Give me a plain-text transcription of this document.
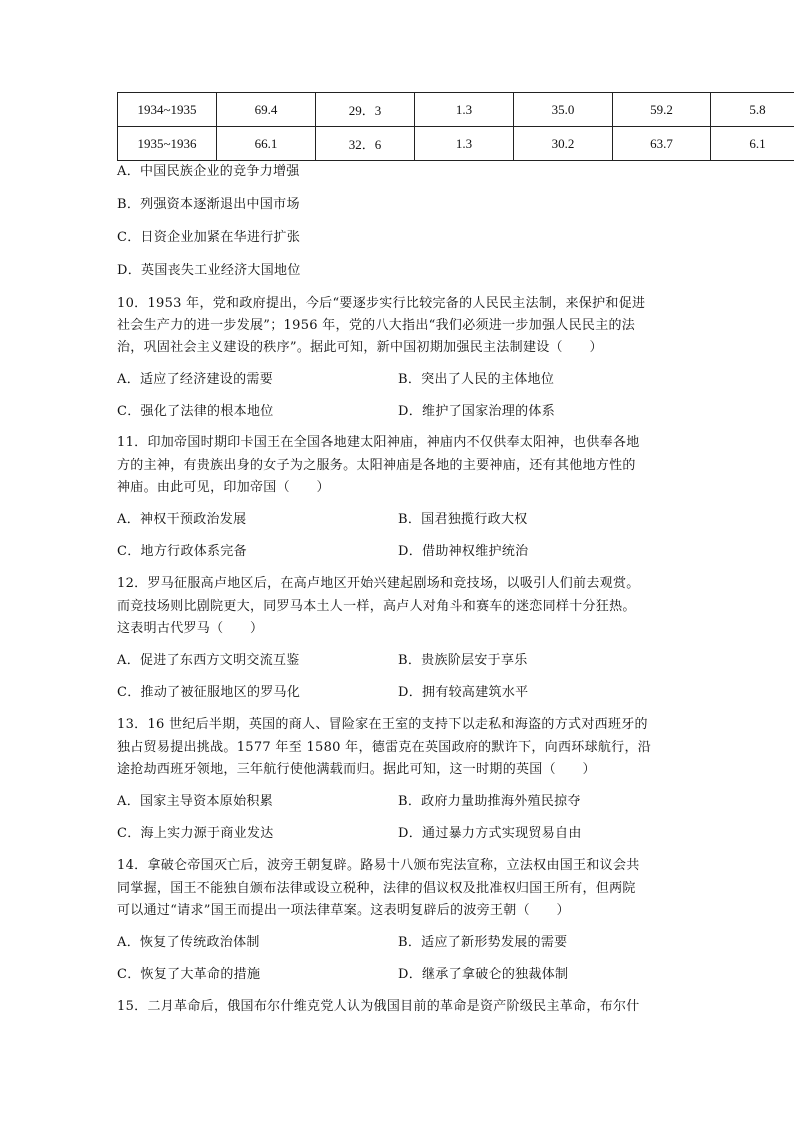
1934~1935	69.4	29．3	1.3	35.0	59.2	5.8
1935~1936	66.1	32．6	1.3	30.2	63.7	6.1
A．中国民族企业的竞争力增强
B．列强资本逐渐退出中国市场
C．日资企业加紧在华进行扩张
D．英国丧失工业经济大国地位
10．1953 年，党和政府提出，今后“要逐步实行比较完备的人民民主法制，来保护和促进
社会生产力的进一步发展”；1956 年，党的八大指出“我们必须进一步加强人民民主的法
治，巩固社会主义建设的秩序”。据此可知，新中国初期加强民主法制建设（　　）
A．适应了经济建设的需要	B．突出了人民的主体地位
C．强化了法律的根本地位	D．维护了国家治理的体系
11．印加帝国时期印卡国王在全国各地建太阳神庙，神庙内不仅供奉太阳神，也供奉各地
方的主神，有贵族出身的女子为之服务。太阳神庙是各地的主要神庙，还有其他地方性的
神庙。由此可见，印加帝国（　　）
A．神权干预政治发展	B．国君独揽行政大权
C．地方行政体系完备	D．借助神权维护统治
12．罗马征服高卢地区后，在高卢地区开始兴建起剧场和竞技场，以吸引人们前去观赏。
而竞技场则比剧院更大，同罗马本土人一样，高卢人对角斗和赛车的迷恋同样十分狂热。
这表明古代罗马（　　）
A．促进了东西方文明交流互鉴	B．贵族阶层安于享乐
C．推动了被征服地区的罗马化	D．拥有较高建筑水平
13．16 世纪后半期，英国的商人、冒险家在王室的支持下以走私和海盗的方式对西班牙的
独占贸易提出挑战。1577 年至 1580 年，德雷克在英国政府的默许下，向西环球航行，沿
途抢劫西班牙领地，三年航行使他满载而归。据此可知，这一时期的英国（　　）
A．国家主导资本原始积累	B．政府力量助推海外殖民掠夺
C．海上实力源于商业发达	D．通过暴力方式实现贸易自由
14．拿破仑帝国灭亡后，波旁王朝复辟。路易十八颁布宪法宣称，立法权由国王和议会共
同掌握，国王不能独自颁布法律或设立税种，法律的倡议权及批准权归国王所有，但两院
可以通过“请求”国王而提出一项法律草案。这表明复辟后的波旁王朝（　　）
A．恢复了传统政治体制	B．适应了新形势发展的需要
C．恢复了大革命的措施	D．继承了拿破仑的独裁体制
15．二月革命后，俄国布尔什维克党人认为俄国目前的革命是资产阶级民主革命，布尔什
